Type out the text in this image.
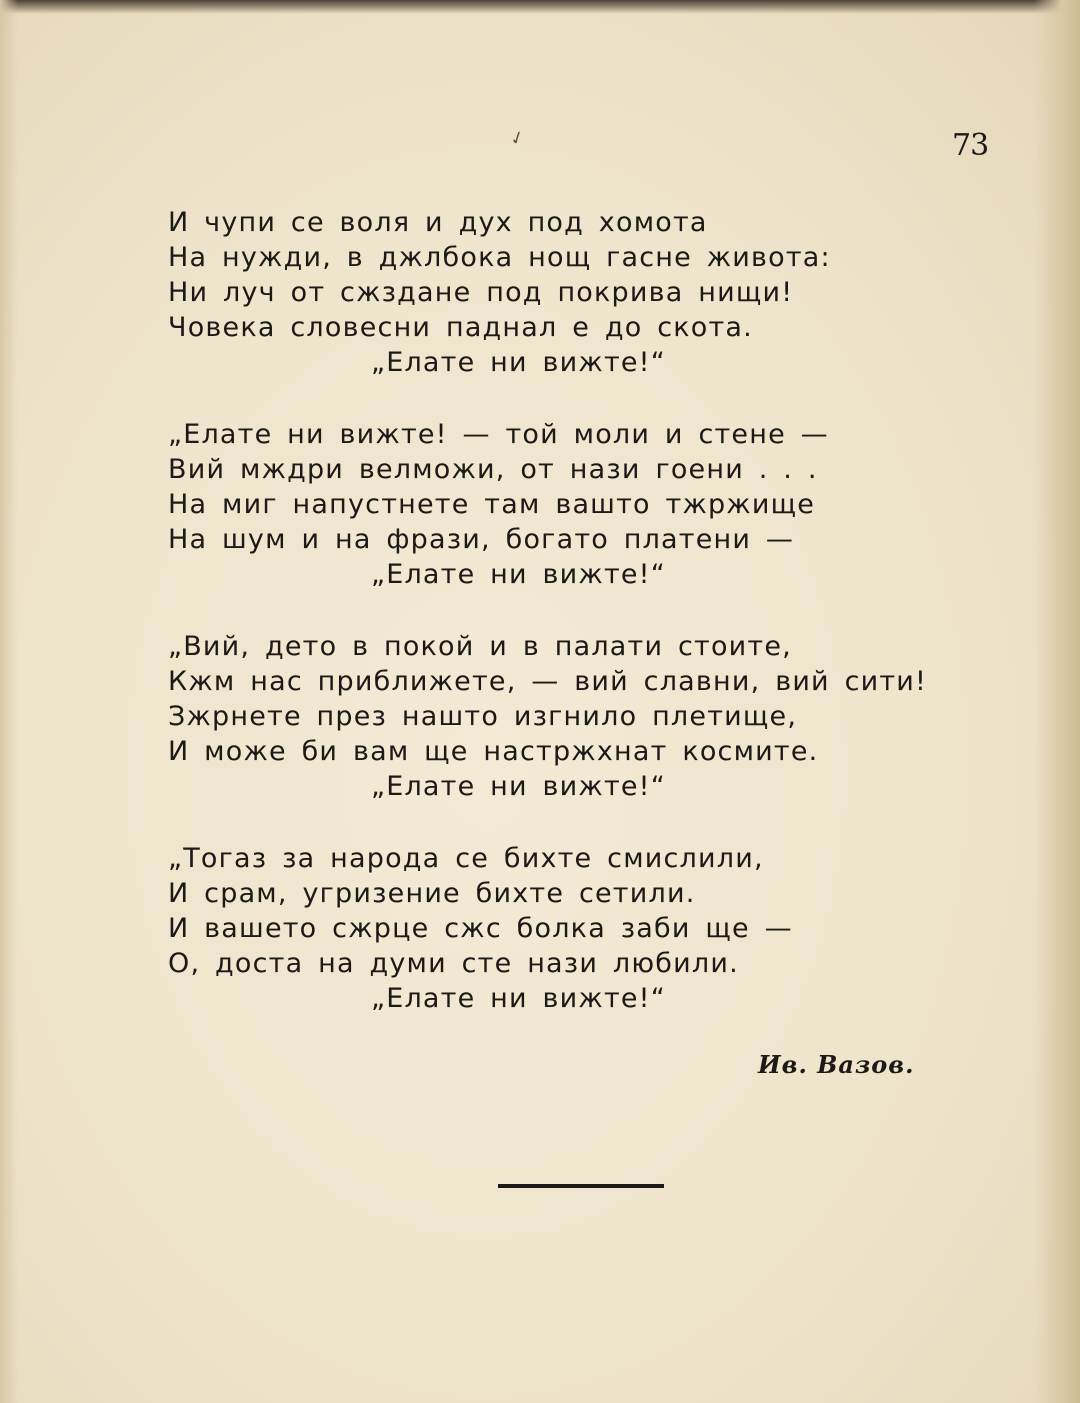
✓	73
И чупи се воля и дух под хомота
На нужди, в джлбока нощ гасне живота:
Ни луч от сжздане под покрива нищи!
Човека словесни паднал е до скота.
„Елате ни вижте!“
„Елате ни вижте! — той моли и стене —
Вий мждри велможи, от нази гоени . . .
На миг напустнете там вашто тжржище
На шум и на фрази, богато платени —
„Елате ни вижте!“
„Вий, дето в покой и в палати стоите,
Кжм нас приближете, — вий славни, вий сити!
Зжрнете през нашто изгнило плетище,
И може би вам ще настржхнат космите.
„Елате ни вижте!“
„Тогаз за народа се бихте смислили,
И срам, угризение бихте сетили.
И вашето сжрце сжс болка заби ще —
О, доста на думи сте нази любили.
„Елате ни вижте!“
Ив. Вазов.
